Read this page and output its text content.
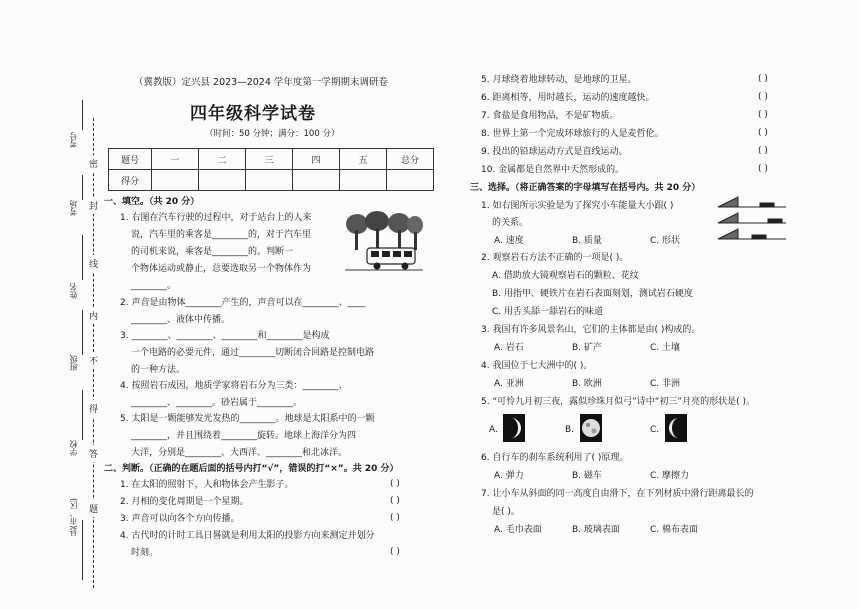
密
封
线
内
不
得
答
题
考号
考场
姓名
班级
学校
县(市、区)
（冀教版）定兴县 2023—2024 学年度第一学期期末调研卷
四年级科学试卷
（时间：50 分钟；满分：100 分）
题号	一	二	三	四	五	总分
得分						
一、填空。（共 20 分）
1. 右图在汽车行驶的过程中，对于站台上的人来
说，汽车里的乘客是________的，对于汽车里
的司机来说，乘客是________的。判断一
个物体运动或静止，总要选取另一个物体作为
________。
2. 声音是由物体________产生的，声音可以在________、____
________、液体中传播。
3. ________、________、________和________是构成
一个电路的必要元件，通过________切断闭合回路是控制电路
的一种方法。
4. 按照岩石成因，地质学家将岩石分为三类：________、
________、________。砂岩属于________。
5. 太阳是一颗能够发光发热的________。地球是太阳系中的一颗
________，并且围绕着________旋转。地球上海洋分为四
大洋，分别是________、大西洋、________和北冰洋。
二、判断。（正确的在题后面的括号内打“√”，错误的打“×”。共 20 分）
1. 在太阳的照射下，人和物体会产生影子。	( )
2. 月相的变化周期是一个星期。	( )
3. 声音可以向各个方向传播。	( )
4. 古代时的计时工具日晷就是利用太阳的投影方向来测定并划分
时刻。	( )
5. 月球绕着地球转动，是地球的卫星。	( )
6. 距离相等，用时越长，运动的速度越快。	( )
7. 食盐是食用物品，不是矿物质。	( )
8. 世界上第一个完成环球旅行的人是麦哲伦。	( )
9. 投出的铅球运动方式是直线运动。	( )
10. 金属都是自然界中天然形成的。	( )
三、选择。（将正确答案的字母填写在括号内。共 20 分）
1. 如右图所示实验是为了探究小车能量大小跟( )
的关系。
A. 速度	B. 质量	C. 形状
2. 观察岩石方法不正确的一项是( )。
A. 借助放大镜观察岩石的颗粒、花纹
B. 用指甲、硬铁片在岩石表面刻划，测试岩石硬度
C. 用舌头舔一舔岩石的味道
3. 我国有许多风景名山，它们的主体都是由( )构成的。
A. 岩石	B. 矿产	C. 土壤
4. 我国位于七大洲中的( )。
A. 亚洲	B. 欧洲	C. 非洲
5. “可怜九月初三夜，露似珍珠月似弓”诗中“初三”月亮的形状是( )。
A.	B.	C.
6. 自行车的刹车系统利用了( )原理。
A. 弹力	B. 磁车	C. 摩擦力
7. 让小车从斜面的同一高度自由滑下，在下列材质中滑行距离最长的
是( )。
A. 毛巾表面	B. 玻璃表面	C. 棉布表面
